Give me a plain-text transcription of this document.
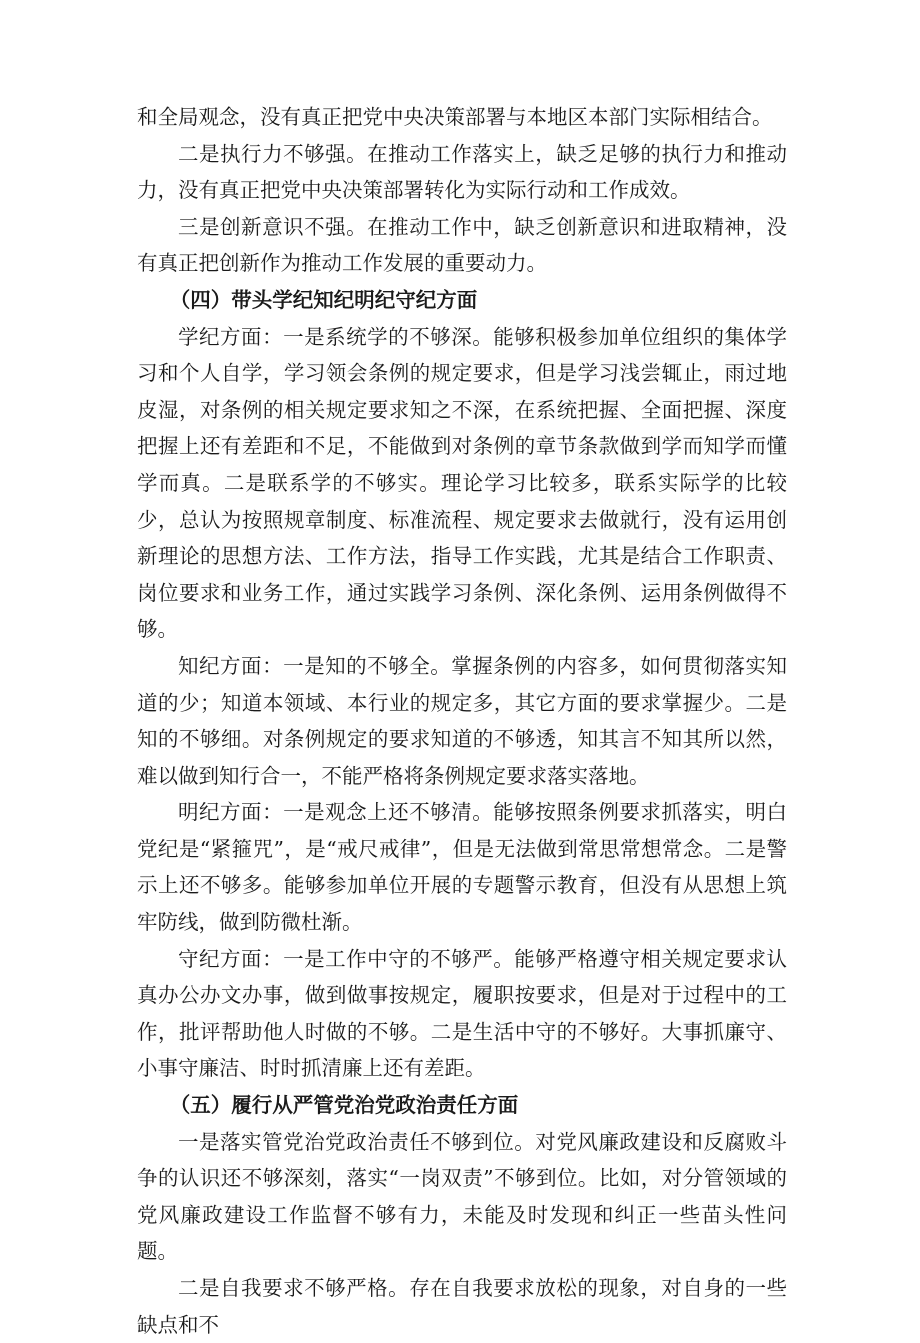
和全局观念，没有真正把党中央决策部署与本地区本部门实际相结合。

二是执行力不够强。在推动工作落实上，缺乏足够的执行力和推动力，没有真正把党中央决策部署转化为实际行动和工作成效。

三是创新意识不强。在推动工作中，缺乏创新意识和进取精神，没有真正把创新作为推动工作发展的重要动力。

（四）带头学纪知纪明纪守纪方面

学纪方面：一是系统学的不够深。能够积极参加单位组织的集体学习和个人自学，学习领会条例的规定要求，但是学习浅尝辄止，雨过地皮湿，对条例的相关规定要求知之不深，在系统把握、全面把握、深度把握上还有差距和不足，不能做到对条例的章节条款做到学而知学而懂学而真。二是联系学的不够实。理论学习比较多，联系实际学的比较少，总认为按照规章制度、标准流程、规定要求去做就行，没有运用创新理论的思想方法、工作方法，指导工作实践，尤其是结合工作职责、岗位要求和业务工作，通过实践学习条例、深化条例、运用条例做得不够。

知纪方面：一是知的不够全。掌握条例的内容多，如何贯彻落实知道的少；知道本领域、本行业的规定多，其它方面的要求掌握少。二是知的不够细。对条例规定的要求知道的不够透，知其言不知其所以然，难以做到知行合一，不能严格将条例规定要求落实落地。

明纪方面：一是观念上还不够清。能够按照条例要求抓落实，明白党纪是“紧箍咒”，是“戒尺戒律”，但是无法做到常思常想常念。二是警示上还不够多。能够参加单位开展的专题警示教育，但没有从思想上筑牢防线，做到防微杜渐。

守纪方面：一是工作中守的不够严。能够严格遵守相关规定要求认真办公办文办事，做到做事按规定，履职按要求，但是对于过程中的工作，批评帮助他人时做的不够。二是生活中守的不够好。大事抓廉守、小事守廉洁、时时抓清廉上还有差距。

（五）履行从严管党治党政治责任方面

一是落实管党治党政治责任不够到位。对党风廉政建设和反腐败斗争的认识还不够深刻，落实“一岗双责”不够到位。比如，对分管领域的党风廉政建设工作监督不够有力，未能及时发现和纠正一些苗头性问题。

二是自我要求不够严格。存在自我要求放松的现象，对自身的一些缺点和不
